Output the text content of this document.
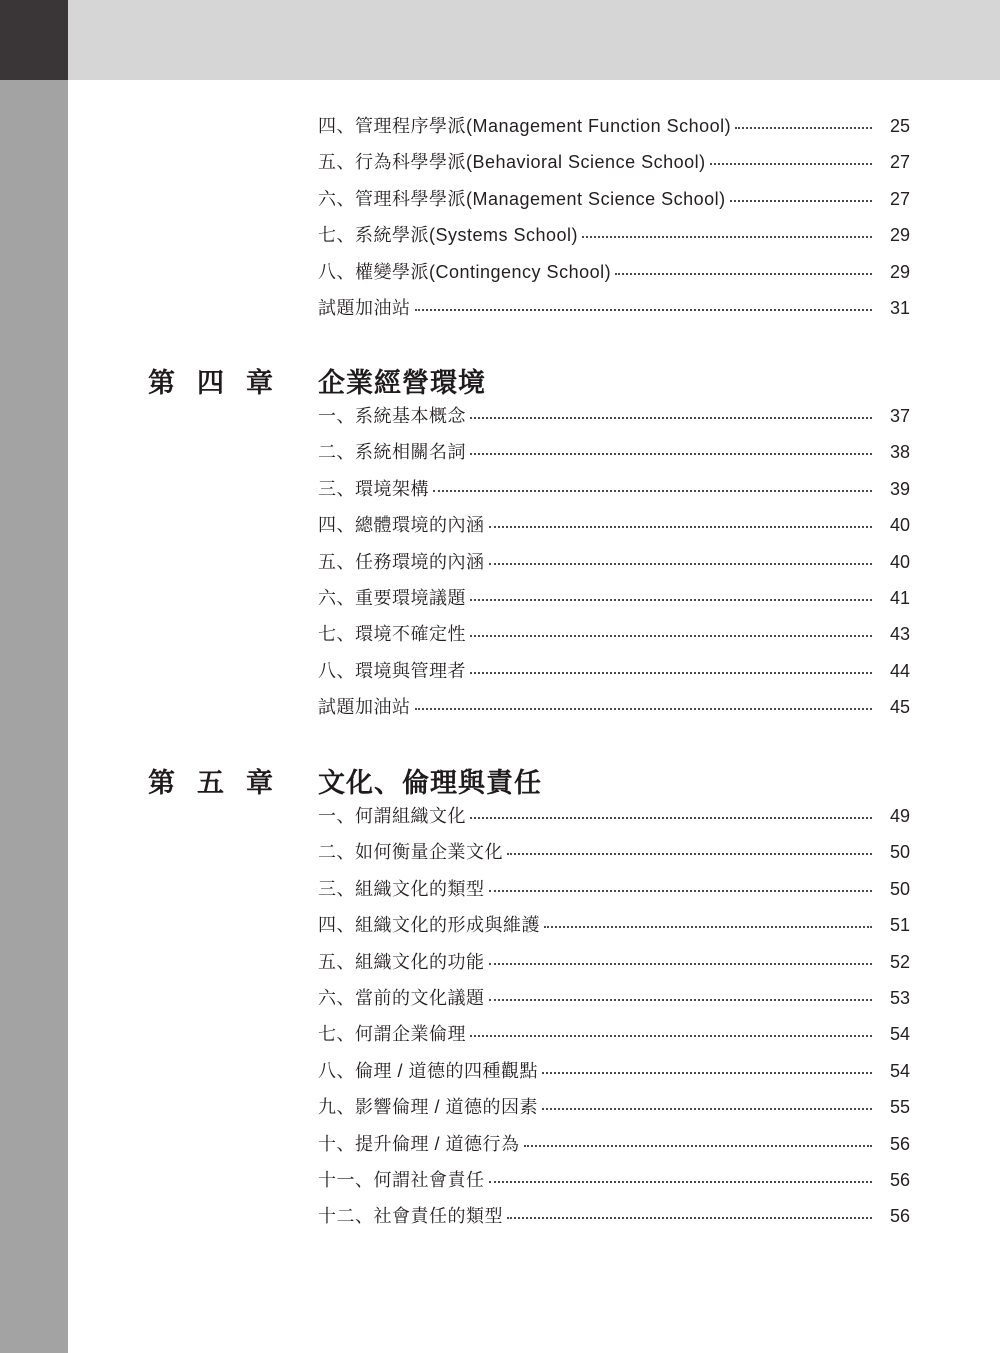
四、管理程序學派(Management Function School)	25
五、行為科學學派(Behavioral Science School)	27
六、管理科學學派(Management Science School)	27
七、系統學派(Systems School)	29
八、權變學派(Contingency School)	29
試題加油站	31
第四章 企業經營環境
一、系統基本概念	37
二、系統相關名詞	38
三、環境架構	39
四、總體環境的內涵	40
五、任務環境的內涵	40
六、重要環境議題	41
七、環境不確定性	43
八、環境與管理者	44
試題加油站	45
第五章 文化、倫理與責任
一、何謂組織文化	49
二、如何衡量企業文化	50
三、組織文化的類型	50
四、組織文化的形成與維護	51
五、組織文化的功能	52
六、當前的文化議題	53
七、何謂企業倫理	54
八、倫理 / 道德的四種觀點	54
九、影響倫理 / 道德的因素	55
十、提升倫理 / 道德行為	56
十一、何謂社會責任	56
十二、社會責任的類型	56
